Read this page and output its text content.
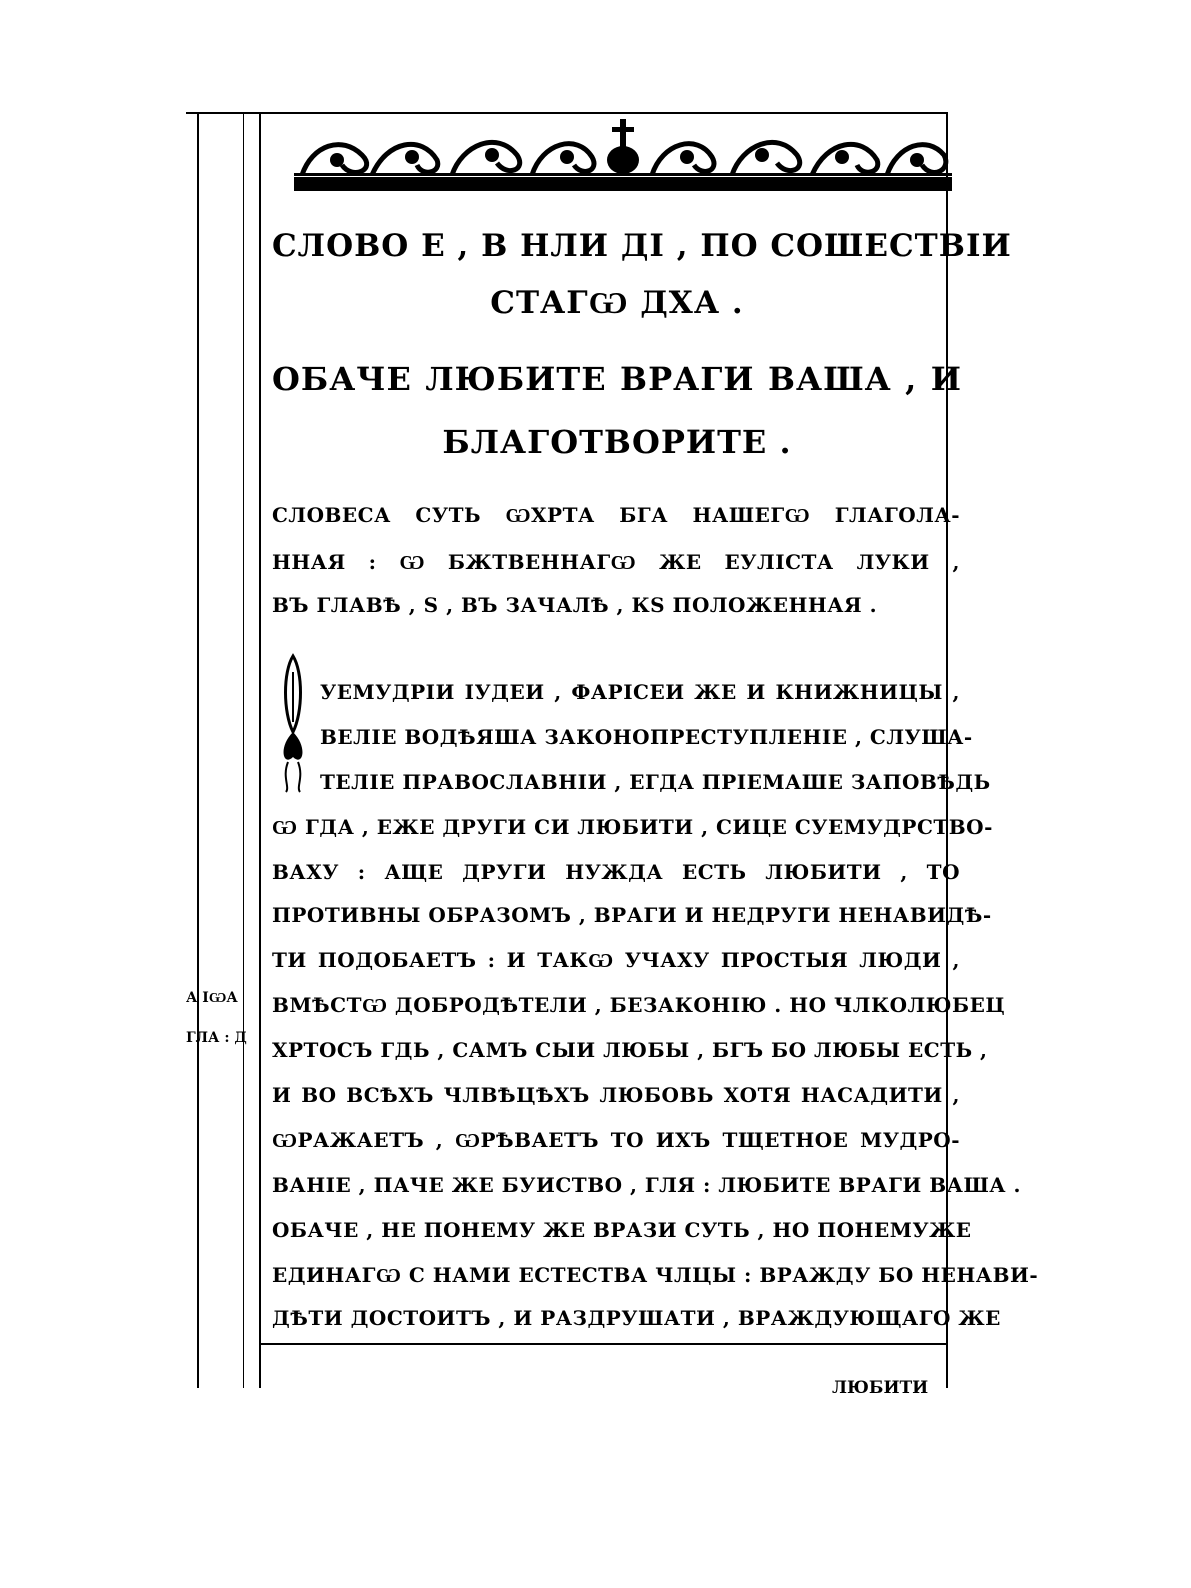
СЛОВО Е , В НЛИ ДІ , ПО СОШЕСТВІИ
СТАГѠ ДХА .
ОБАЧЕ ЛЮБИТЕ ВРАГИ ВАША , И
БЛАГОТВОРИТЕ .
СЛОВЕСА СУТЬ ѠХРТА БГА НАШЕГѠ ГЛАГОЛА-
ННАЯ : Ѡ БЖТВЕННАГѠ ЖЕ ЕУЛІСТА ЛУКИ ,
ВЪ ГЛАВѢ , Ѕ , ВЪ ЗАЧАЛѢ , КЅ ПОЛОЖЕННАЯ .
УЕМУДРІИ ІУДЕИ , ФАРІСЕИ ЖЕ И КНИЖНИЦЫ ,
ВЕЛІЕ ВОДѢЯША ЗАКОНОПРЕСТУПЛЕНІЕ , СЛУША-
ТЕЛІЕ ПРАВОСЛАВНІИ , ЕГДА ПРІЕМАШЕ ЗАПОВѢДЬ
Ѡ ГДА , ЕЖЕ ДРУГИ СИ ЛЮБИТИ , СИЦЕ СУЕМУДРСТВО-
ВАХУ : АЩЕ ДРУГИ НУЖДА ЕСТЬ ЛЮБИТИ , ТО
ПРОТИВНЫ ОБРАЗОМЪ , ВРАГИ И НЕДРУГИ НЕНАВИДѢ-
ТИ ПОДОБАЕТЪ : И ТАКѠ УЧАХУ ПРОСТЫЯ ЛЮДИ ,
ВМѢСТѠ ДОБРОДѢТЕЛИ , БЕЗАКОНІЮ . НО ЧЛКОЛЮБЕЦ
ХРТОСЪ ГДЬ , САМЪ СЫИ ЛЮБЫ , БГЪ БО ЛЮБЫ ЕСТЬ ,
И ВО ВСѢХЪ ЧЛВѢЦѢХЪ ЛЮБОВЬ ХОТЯ НАСАДИТИ ,
ѠРАЖАЕТЪ , ѠРѢВАЕТЪ ТО ИХЪ ТЩЕТНОЕ МУДРО-
ВАНІЕ , ПАЧЕ ЖЕ БУИСТВО , ГЛЯ : ЛЮБИТЕ ВРАГИ ВАША .
ОБАЧЕ , НЕ ПОНЕМУ ЖЕ ВРАЗИ СУТЬ , НО ПОНЕМУЖЕ
ЕДИНАГѠ С НАМИ ЕСТЕСТВА ЧЛЦЫ : ВРАЖДУ БО НЕНАВИ-
ДѢТИ ДОСТОИТЪ , И РАЗДРУШАТИ , ВРАЖДУЮЩАГО ЖЕ
А ІѠА
ГЛА : Д
ЛЮБИТИ
